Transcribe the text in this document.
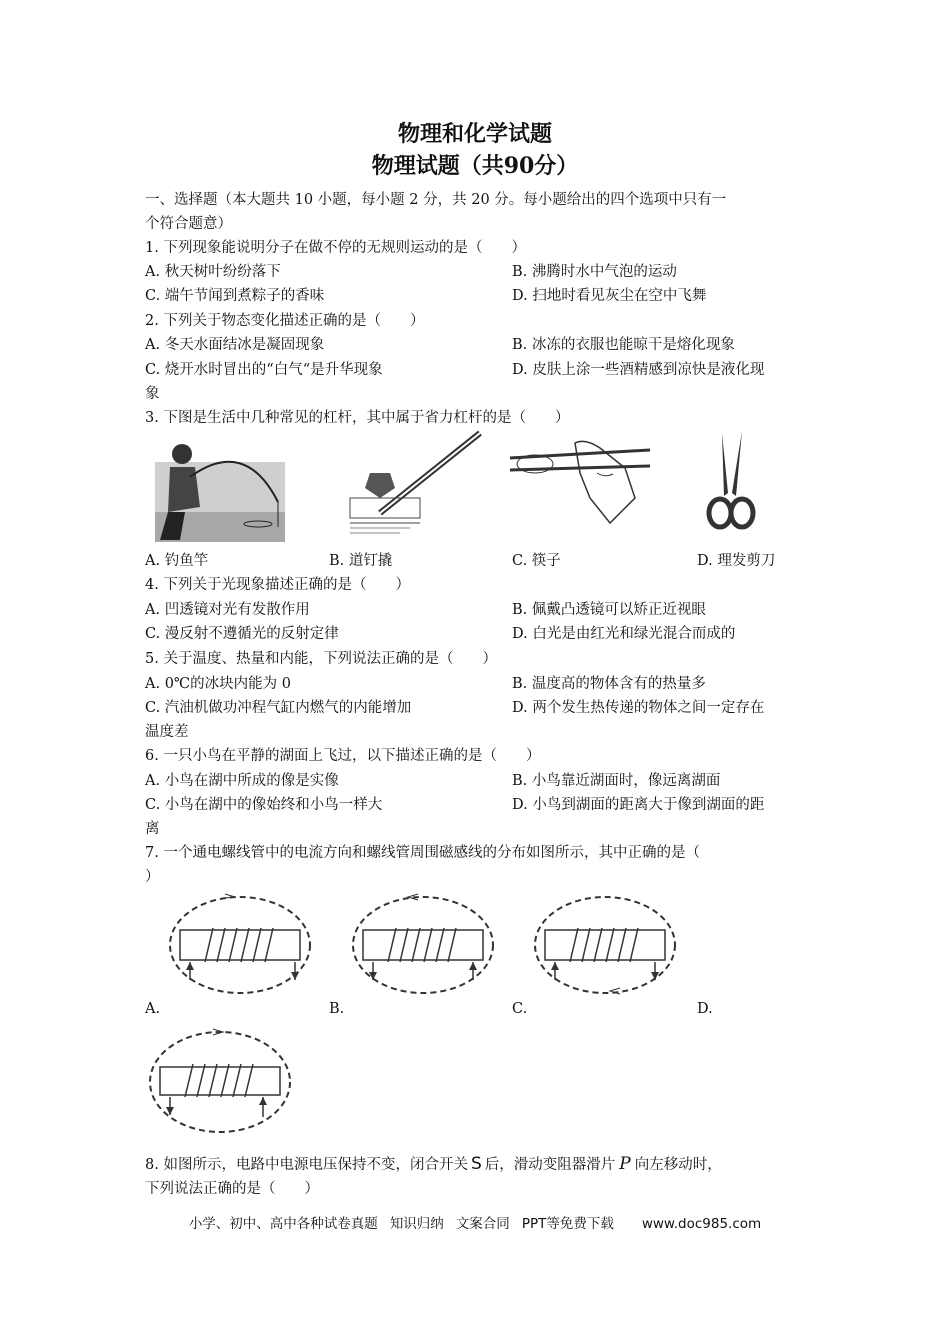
物理和化学试题
物理试题（共90分）
一、选择题（本大题共 10 小题，每小题 2 分，共 20 分。每小题给出的四个选项中只有一
个符合题意）
1. 下列现象能说明分子在做不停的无规则运动的是（　　）
A. 秋天树叶纷纷落下	B. 沸腾时水中气泡的运动
C. 端午节闻到煮粽子的香味	D. 扫地时看见灰尘在空中飞舞
2. 下列关于物态变化描述正确的是（　　）
A. 冬天水面结冰是凝固现象	B. 冰冻的衣服也能晾干是熔化现象
C. 烧开水时冒出的“白气“是升华现象	D. 皮肤上涂一些酒精感到凉快是液化现
象
3. 下图是生活中几种常见的杠杆，其中属于省力杠杆的是（　　）
A. 钓鱼竿	B. 道钉撬	C. 筷子	D. 理发剪刀
4. 下列关于光现象描述正确的是（　　）
A. 凹透镜对光有发散作用	B. 佩戴凸透镜可以矫正近视眼
C. 漫反射不遵循光的反射定律	D. 白光是由红光和绿光混合而成的
5. 关于温度、热量和内能，下列说法正确的是（　　）
A. 0℃的冰块内能为 0	B. 温度高的物体含有的热量多
C. 汽油机做功冲程气缸内燃气的内能增加	D. 两个发生热传递的物体之间一定存在
温度差
6. 一只小鸟在平静的湖面上飞过，以下描述正确的是（　　）
A. 小鸟在湖中所成的像是实像	B. 小鸟靠近湖面时，像远离湖面
C. 小鸟在湖中的像始终和小鸟一样大	D. 小鸟到湖面的距离大于像到湖面的距
离
7. 一个通电螺线管中的电流方向和螺线管周围磁感线的分布如图所示，其中正确的是（
）
A.	B.	C.	D.
8. 如图所示，电路中电源电压保持不变，闭合开关 S 后，滑动变阻器滑片 P 向左移动时，
下列说法正确的是（　　）
小学、初中、高中各种试卷真题 知识归纳 文案合同 PPT等免费下载 www.doc985.com
